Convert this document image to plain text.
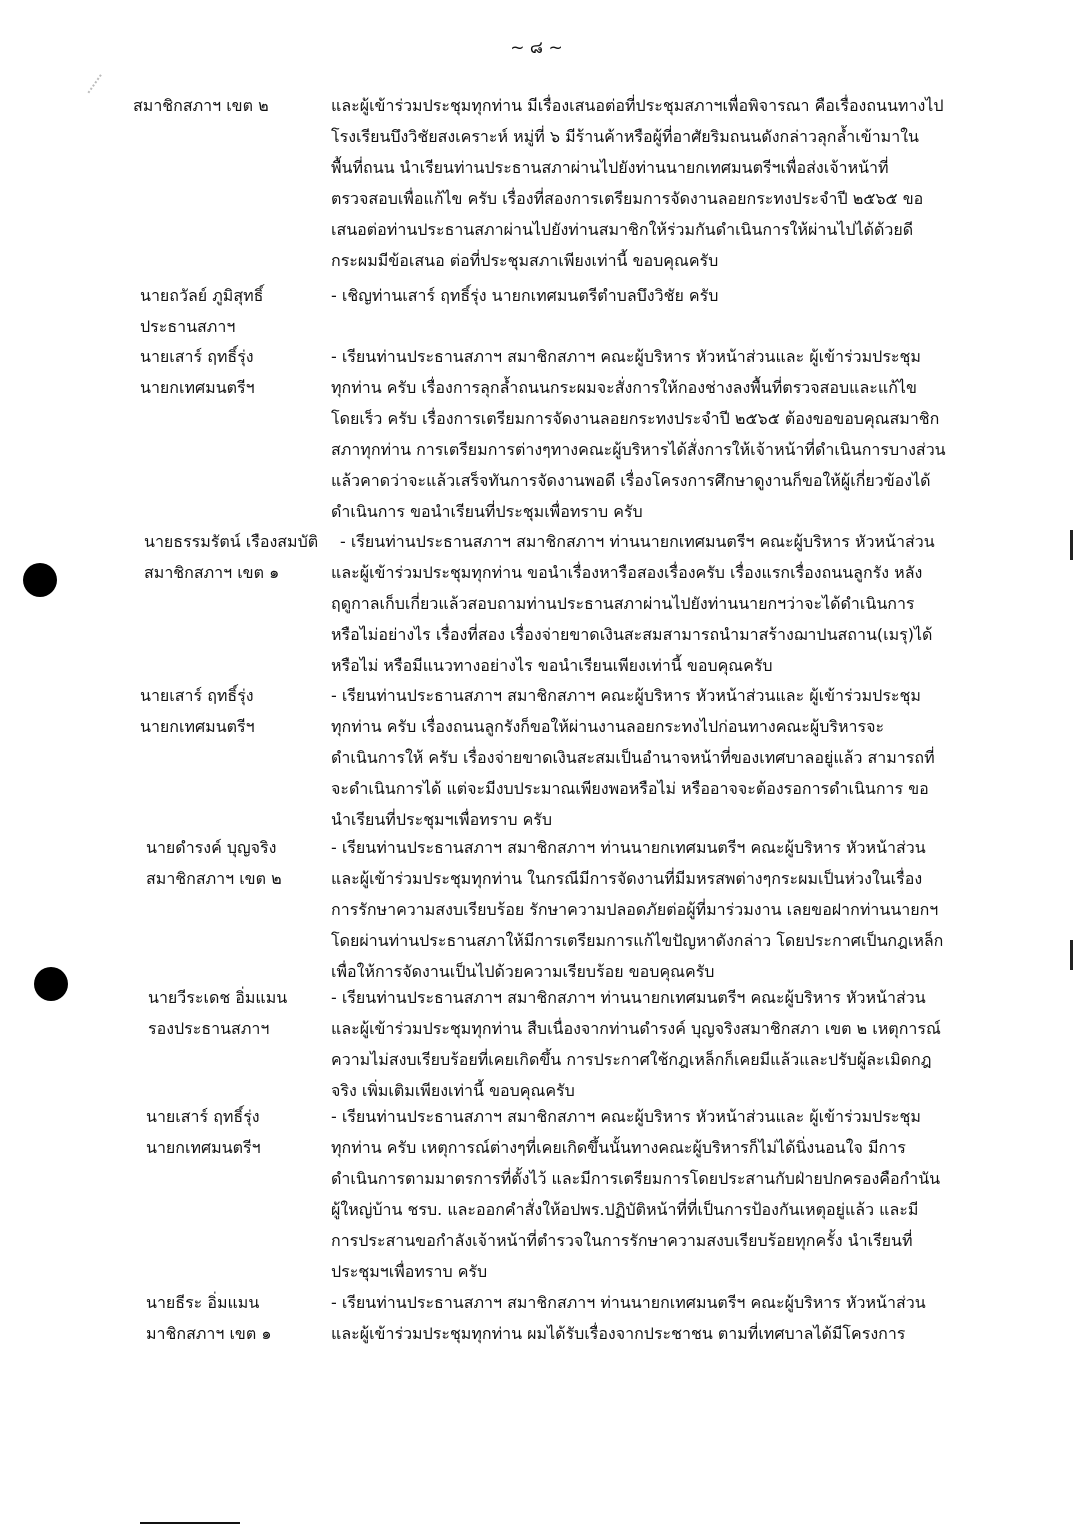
~ ๘ ~
สมาชิกสภาฯ เขต ๒	และผู้เข้าร่วมประชุมทุกท่าน มีเรื่องเสนอต่อที่ประชุมสภาฯเพื่อพิจารณา คือเรื่องถนนทางไป
โรงเรียนบึงวิชัยสงเคราะห์ หมู่ที่ ๖ มีร้านค้าหรือผู้ที่อาศัยริมถนนดังกล่าวลุกล้ำเข้ามาใน
พื้นที่ถนน นำเรียนท่านประธานสภาผ่านไปยังท่านนายกเทศมนตรีฯเพื่อส่งเจ้าหน้าที่
ตรวจสอบเพื่อแก้ไข ครับ เรื่องที่สองการเตรียมการจัดงานลอยกระทงประจำปี ๒๕๖๕ ขอ
เสนอต่อท่านประธานสภาผ่านไปยังท่านสมาชิกให้ร่วมกันดำเนินการให้ผ่านไปได้ด้วยดี
กระผมมีข้อเสนอ ต่อที่ประชุมสภาเพียงเท่านี้ ขอบคุณครับ
นายถวัลย์ ภูมิสุทธิ์
ประธานสภาฯ
- เชิญท่านเสาร์ ฤทธิ์รุ่ง นายกเทศมนตรีตำบลบึงวิชัย ครับ
นายเสาร์ ฤทธิ์รุ่ง
นายกเทศมนตรีฯ
- เรียนท่านประธานสภาฯ สมาชิกสภาฯ คณะผู้บริหาร หัวหน้าส่วนและ ผู้เข้าร่วมประชุม
ทุกท่าน ครับ เรื่องการลุกล้ำถนนกระผมจะสั่งการให้กองช่างลงพื้นที่ตรวจสอบและแก้ไข
โดยเร็ว ครับ เรื่องการเตรียมการจัดงานลอยกระทงประจำปี ๒๕๖๕ ต้องขอขอบคุณสมาชิก
สภาทุกท่าน การเตรียมการต่างๆทางคณะผู้บริหารได้สั่งการให้เจ้าหน้าที่ดำเนินการบางส่วน
แล้วคาดว่าจะแล้วเสร็จทันการจัดงานพอดี เรื่องโครงการศึกษาดูงานก็ขอให้ผู้เกี่ยวข้องได้
ดำเนินการ ขอนำเรียนที่ประชุมเพื่อทราบ ครับ
นายธรรมรัตน์ เรืองสมบัติ
สมาชิกสภาฯ เขต ๑
- เรียนท่านประธานสภาฯ สมาชิกสภาฯ ท่านนายกเทศมนตรีฯ คณะผู้บริหาร หัวหน้าส่วน
และผู้เข้าร่วมประชุมทุกท่าน ขอนำเรื่องหารือสองเรื่องครับ เรื่องแรกเรื่องถนนลูกรัง หลัง
ฤดูกาลเก็บเกี่ยวแล้วสอบถามท่านประธานสภาผ่านไปยังท่านนายกฯว่าจะได้ดำเนินการ
หรือไม่อย่างไร เรื่องที่สอง เรื่องจ่ายขาดเงินสะสมสามารถนำมาสร้างฌาปนสถาน(เมรุ)ได้
หรือไม่ หรือมีแนวทางอย่างไร ขอนำเรียนเพียงเท่านี้ ขอบคุณครับ
นายเสาร์ ฤทธิ์รุ่ง
นายกเทศมนตรีฯ
- เรียนท่านประธานสภาฯ สมาชิกสภาฯ คณะผู้บริหาร หัวหน้าส่วนและ ผู้เข้าร่วมประชุม
ทุกท่าน ครับ เรื่องถนนลูกรังก็ขอให้ผ่านงานลอยกระทงไปก่อนทางคณะผู้บริหารจะ
ดำเนินการให้ ครับ เรื่องจ่ายขาดเงินสะสมเป็นอำนาจหน้าที่ของเทศบาลอยู่แล้ว สามารถที่
จะดำเนินการได้ แต่จะมีงบประมาณเพียงพอหรือไม่ หรืออาจจะต้องรอการดำเนินการ ขอ
นำเรียนที่ประชุมฯเพื่อทราบ ครับ
นายดำรงค์ บุญจริง
สมาชิกสภาฯ เขต ๒
- เรียนท่านประธานสภาฯ สมาชิกสภาฯ ท่านนายกเทศมนตรีฯ คณะผู้บริหาร หัวหน้าส่วน
และผู้เข้าร่วมประชุมทุกท่าน ในกรณีมีการจัดงานที่มีมหรสพต่างๆกระผมเป็นห่วงในเรื่อง
การรักษาความสงบเรียบร้อย รักษาความปลอดภัยต่อผู้ที่มาร่วมงาน เลยขอฝากท่านนายกฯ
โดยผ่านท่านประธานสภาให้มีการเตรียมการแก้ไขปัญหาดังกล่าว โดยประกาศเป็นกฎเหล็ก
เพื่อให้การจัดงานเป็นไปด้วยความเรียบร้อย ขอบคุณครับ
นายวีระเดช อิ่มแมน
รองประธานสภาฯ
- เรียนท่านประธานสภาฯ สมาชิกสภาฯ ท่านนายกเทศมนตรีฯ คณะผู้บริหาร หัวหน้าส่วน
และผู้เข้าร่วมประชุมทุกท่าน สืบเนื่องจากท่านดำรงค์ บุญจริงสมาชิกสภา เขต ๒ เหตุการณ์
ความไม่สงบเรียบร้อยที่เคยเกิดขึ้น การประกาศใช้กฎเหล็กก็เคยมีแล้วและปรับผู้ละเมิดกฎ
จริง เพิ่มเติมเพียงเท่านี้ ขอบคุณครับ
นายเสาร์ ฤทธิ์รุ่ง
นายกเทศมนตรีฯ
- เรียนท่านประธานสภาฯ สมาชิกสภาฯ คณะผู้บริหาร หัวหน้าส่วนและ ผู้เข้าร่วมประชุม
ทุกท่าน ครับ เหตุการณ์ต่างๆที่เคยเกิดขึ้นนั้นทางคณะผู้บริหารก็ไม่ได้นิ่งนอนใจ มีการ
ดำเนินการตามมาตรการที่ตั้งไว้ และมีการเตรียมการโดยประสานกับฝ่ายปกครองคือกำนัน
ผู้ใหญ่บ้าน ชรบ. และออกคำสั่งให้อปพร.ปฏิบัติหน้าที่ที่เป็นการป้องกันเหตุอยู่แล้ว และมี
การประสานขอกำลังเจ้าหน้าที่ตำรวจในการรักษาความสงบเรียบร้อยทุกครั้ง นำเรียนที่
ประชุมฯเพื่อทราบ ครับ
นายธีระ อิ่มแมน
มาชิกสภาฯ เขต ๑
- เรียนท่านประธานสภาฯ สมาชิกสภาฯ ท่านนายกเทศมนตรีฯ คณะผู้บริหาร หัวหน้าส่วน
และผู้เข้าร่วมประชุมทุกท่าน ผมได้รับเรื่องจากประชาชน ตามที่เทศบาลได้มีโครงการ
